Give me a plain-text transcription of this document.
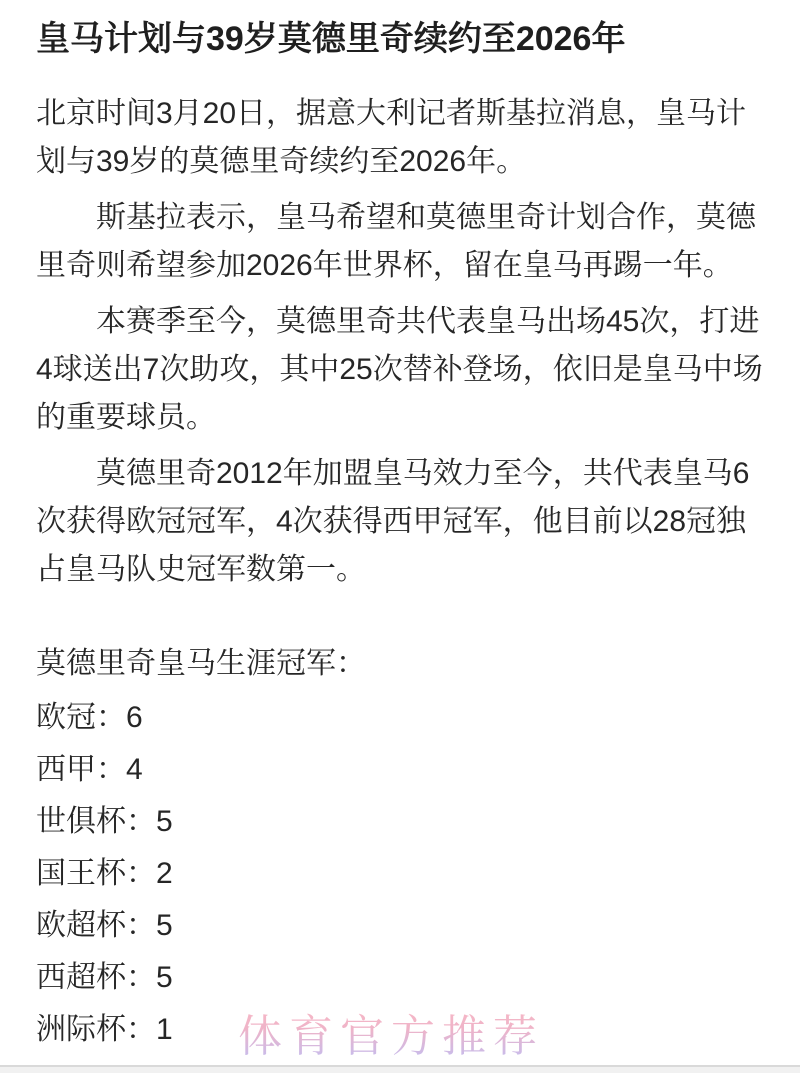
皇马计划与39岁莫德里奇续约至2026年

北京时间3月20日，据意大利记者斯基拉消息，皇马计划与39岁的莫德里奇续约至2026年。

斯基拉表示，皇马希望和莫德里奇计划合作，莫德里奇则希望参加2026年世界杯，留在皇马再踢一年。

本赛季至今，莫德里奇共代表皇马出场45次，打进4球送出7次助攻，其中25次替补登场，依旧是皇马中场的重要球员。

莫德里奇2012年加盟皇马效力至今，共代表皇马6次获得欧冠冠军，4次获得西甲冠军，他目前以28冠独占皇马队史冠军数第一。

莫德里奇皇马生涯冠军：

欧冠：6
西甲：4
世俱杯：5
国王杯：2
欧超杯：5
西超杯：5
洲际杯：1	体育官方推荐
